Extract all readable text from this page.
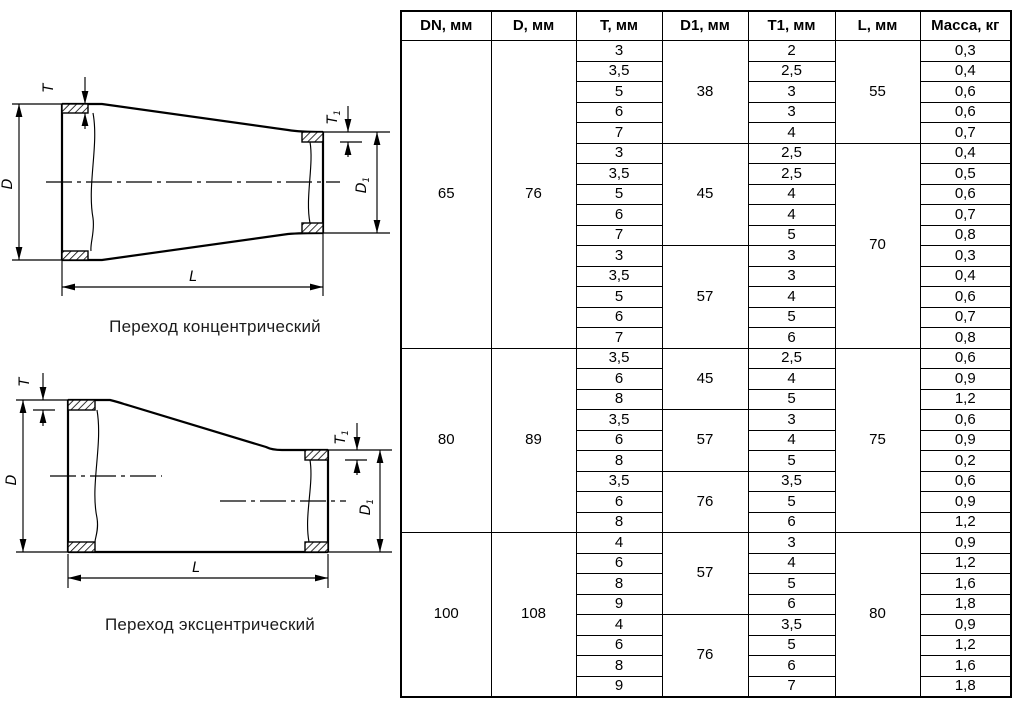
T
D
$T_1$
$D_1$
L
Переход концентрический
T
D
$T_1$
$D_1$
L
Переход эксцентрический
DN, мм	D, мм	T, мм	D1, мм	T1, мм	L, мм	Масса, кг
65	76	3	38	2	55	0,3
		3,5		2,5		0,4
		5		3		0,6
		6		3		0,6
		7		4		0,7
		3	45	2,5	70	0,4
		3,5		2,5		0,5
		5		4		0,6
		6		4		0,7
		7		5		0,8
		3	57	3		0,3
		3,5		3		0,4
		5		4		0,6
		6		5		0,7
		7		6		0,8
80	89	3,5	45	2,5	75	0,6
		6		4		0,9
		8		5		1,2
		3,5	57	3		0,6
		6		4		0,9
		8		5		0,2
		3,5	76	3,5		0,6
		6		5		0,9
		8		6		1,2
100	108	4	57	3	80	0,9
		6		4		1,2
		8		5		1,6
		9		6		1,8
		4	76	3,5		0,9
		6		5		1,2
		8		6		1,6
		9		7		1,8
